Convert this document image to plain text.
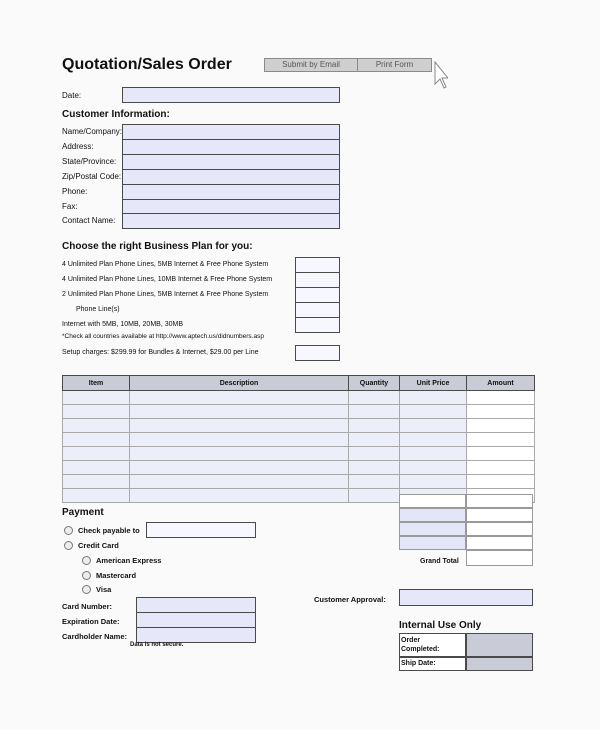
Quotation/Sales Order	Submit by Email	Print Form
Date:
Customer Information:
Name/Company:
Address:
State/Province:
Zip/Postal Code:
Phone:
Fax:
Contact Name:
Choose the right Business Plan for you:
4 Unlimited Plan Phone Lines, 5MB Internet & Free Phone System
4 Unlimited Plan Phone Lines, 10MB Internet & Free Phone System
2 Unlimited Plan Phone Lines, 5MB Internet & Free Phone System
Phone Line(s)
Internet with 5MB, 10MB, 20MB, 30MB
*Check all countries available at http://www.aptech.us/didnumbers.asp
Setup charges: $299.99 for Bundles & Internet, $29.00 per Line
Item	Description	Quantity	Unit Price	Amount

Grand Total
Payment
Check payable to
Credit Card
American Express
Mastercard
Visa
Card Number:
Expiration Date:
Cardholder Name:
Data is not secure.
Customer Approval:
Internal Use Only
Order Completed:
Ship Date:
